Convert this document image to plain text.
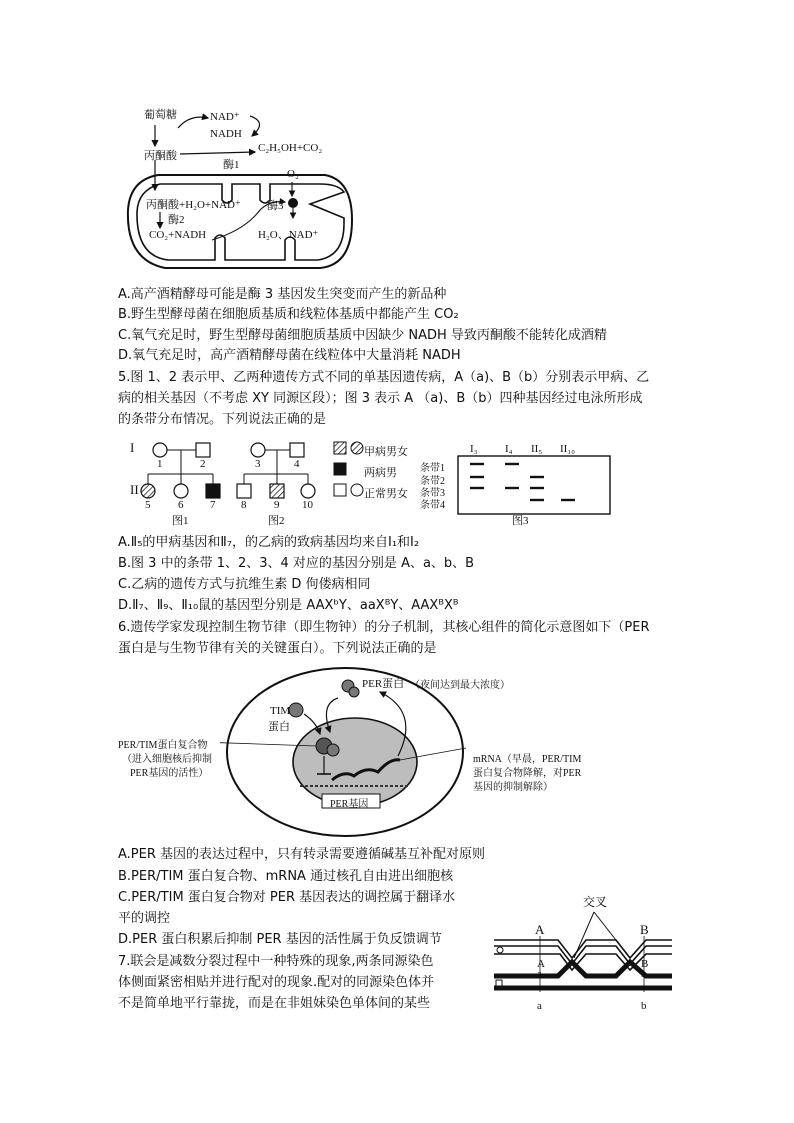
葡萄糖	NAD⁺
NADH
丙酮酸
酶1
C₂H₅OH+CO₂
O₂
丙酮酸+H₂O+NAD⁺
酶2
CO₂+NADH
酶3
H₂O、NAD⁺
A.高产酒精酵母可能是酶 3 基因发生突变而产生的新品种
B.野生型酵母菌在细胞质基质和线粒体基质中都能产生 CO₂
C.氧气充足时，野生型酵母菌细胞质基质中因缺少 NADH 导致丙酮酸不能转化成酒精
D.氧气充足时，高产酒精酵母菌在线粒体中大量消耗 NADH
5.图 1、2 表示甲、乙两种遗传方式不同的单基因遗传病，A（a)、B（b）分别表示甲病、乙
病的相关基因（不考虑 XY 同源区段）；图 3 表示 A （a)、B（b）四种基因经过电泳所形成
的条带分布情况。下列说法正确的是
I
II
1	2	3	4
5	6 7 8	9 10
图1	图2	图3
甲病男女
两病男
正常男女
I₃	I₄ II₅ II₁₀
条带1
条带2
条带3
条带4
A.Ⅱ₅的甲病基因和Ⅱ₇，的乙病的致病基因均来自Ⅰ₁和Ⅰ₂
B.图 3 中的条带 1、2、3、4 对应的基因分别是 A、a、b、B
C.乙病的遗传方式与抗维生素 D 佝偻病相同
D.Ⅱ₇、Ⅱ₉、Ⅱ₁₀鼠的基因型分别是 AAXᵇY、aaXᴮY、AAXᴮXᴮ
6.遗传学家发现控制生物节律（即生物钟）的分子机制，其核心组件的简化示意图如下（PER
蛋白是与生物节律有关的关键蛋白）。下列说法正确的是
PER蛋白 （夜间达到最大浓度）
TIM
蛋白
PER/TIM蛋白复合物
（进入细胞核后抑制
PER基因的活性）
mRNA（早晨，PER/TIM
蛋白复合物降解，对PER
基因的抑制解除）
PER基因
A.PER 基因的表达过程中，只有转录需要遵循碱基互补配对原则
B.PER/TIM 蛋白复合物、mRNA 通过核孔自由进出细胞核
C.PER/TIM 蛋白复合物对 PER 基因表达的调控属于翻译水
平的调控
D.PER 蛋白积累后抑制 PER 基因的活性属于负反馈调节
7.联会是减数分裂过程中一种特殊的现象,两条同源染色
体侧面紧密相贴并进行配对的现象.配对的同源染色体并
不是简单地平行靠拢，而是在非姐妹染色单体间的某些
交叉
A
A
a
a
B
B
b
b
